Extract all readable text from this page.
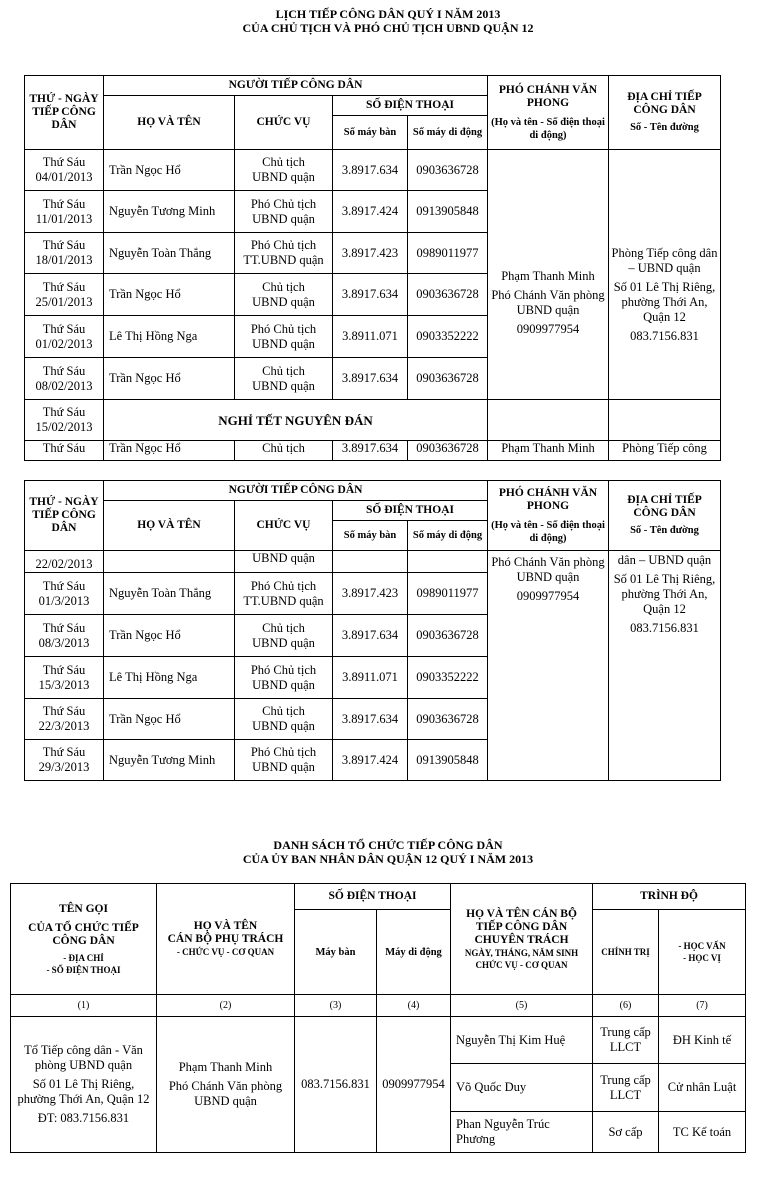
LỊCH TIẾP CÔNG DÂN QUÝ I NĂM 2013
CỦA CHỦ TỊCH VÀ PHÓ CHỦ TỊCH UBND QUẬN 12
THỨ - NGÀY TIẾP CÔNG DÂN	NGƯỜI TIẾP CÔNG DÂN				PHÓ CHÁNH VĂN PHONG
(Họ và tên - Số điện thoại di động)	ĐỊA CHỈ TIẾP CÔNG DÂN
Số - Tên đường

	HỌ VÀ TÊN	CHỨC VỤ	SỐ ĐIỆN THOẠI			
			Số máy bàn	Số máy di động		

Thứ Sáu
04/01/2013	Trần Ngọc Hổ	Chủ tịch
UBND quận	3.8917.634	0903636728	Phạm Thanh Minh
Phó Chánh Văn phòng UBND quận
0909977954	Phòng Tiếp công dân – UBND quận
Số 01 Lê Thị Riêng, phường Thới An, Quận 12
083.7156.831

Thứ Sáu
11/01/2013	Nguyễn Tương Minh	Phó Chủ tịch
UBND quận	3.8917.424	0913905848		

Thứ Sáu
18/01/2013	Nguyễn Toàn Thắng	Phó Chủ tịch
TT.UBND quận	3.8917.423	0989011977		

Thứ Sáu
25/01/2013	Trần Ngọc Hổ	Chủ tịch
UBND quận	3.8917.634	0903636728		

Thứ Sáu
01/02/2013	Lê Thị Hồng Nga	Phó Chủ tịch
UBND quận	3.8911.071	0903352222		

Thứ Sáu
08/02/2013	Trần Ngọc Hổ	Chủ tịch
UBND quận	3.8917.634	0903636728		

Thứ Sáu
15/02/2013	NGHỈ TẾT NGUYÊN ĐÁN					
Thứ Sáu	Trần Ngọc Hổ	Chủ tịch	3.8917.634	0903636728	Phạm Thanh Minh	Phòng Tiếp công
THỨ - NGÀY TIẾP CÔNG DÂN	NGƯỜI TIẾP CÔNG DÂN				PHÓ CHÁNH VĂN PHONG
(Họ và tên - Số điện thoại di động)	ĐỊA CHỈ TIẾP CÔNG DÂN
Số - Tên đường

	HỌ VÀ TÊN	CHỨC VỤ	SỐ ĐIỆN THOẠI			
			Số máy bàn	Số máy di động		
22/02/2013		UBND quận			Phó Chánh Văn phòng UBND quận
0909977954	dân – UBND quận
Số 01 Lê Thị Riêng, phường Thới An, Quận 12
083.7156.831

Thứ Sáu
01/3/2013	Nguyễn Toàn Thắng	Phó Chủ tịch
TT.UBND quận	3.8917.423	0989011977		

Thứ Sáu
08/3/2013	Trần Ngọc Hổ	Chủ tịch
UBND quận	3.8917.634	0903636728		

Thứ Sáu
15/3/2013	Lê Thị Hồng Nga	Phó Chủ tịch
UBND quận	3.8911.071	0903352222		

Thứ Sáu
22/3/2013	Trần Ngọc Hổ	Chủ tịch
UBND quận	3.8917.634	0903636728		

Thứ Sáu
29/3/2013	Nguyễn Tương Minh	Phó Chủ tịch
UBND quận	3.8917.424	0913905848		
DANH SÁCH TỔ CHỨC TIẾP CÔNG DÂN
CỦA ỦY BAN NHÂN DÂN QUẬN 12 QUÝ I NĂM 2013
TÊN GỌI
CỦA TỔ CHỨC TIẾP CÔNG DÂN
- ĐỊA CHỈ
- SỐ ĐIỆN THOẠI	HỌ VÀ TÊN
CÁN BỘ PHỤ TRÁCH
- CHỨC VỤ - CƠ QUAN	SỐ ĐIỆN THOẠI		HỌ VÀ TÊN CÁN BỘ TIẾP CÔNG DÂN CHUYÊN TRÁCH
NGÀY, THÁNG, NĂM SINH
CHỨC VỤ - CƠ QUAN	TRÌNH ĐỘ	
		Máy bàn	Máy di động		CHÍNH TRỊ	- HỌC VẤN
- HỌC VỊ

(1)	(2)	(3)	(4)	(5)	(6)	(7)

Tổ Tiếp công dân - Văn phòng UBND quận
Số 01 Lê Thị Riêng, phường Thới An, Quận 12
ĐT: 083.7156.831	Phạm Thanh Minh
Phó Chánh Văn phòng UBND quận	083.7156.831	0909977954	Nguyễn Thị Kim Huệ	Trung cấp LLCT	ĐH Kinh tế
				Võ Quốc Duy	Trung cấp LLCT	Cử nhân Luật
				Phan Nguyễn Trúc Phương	Sơ cấp	TC Kế toán
